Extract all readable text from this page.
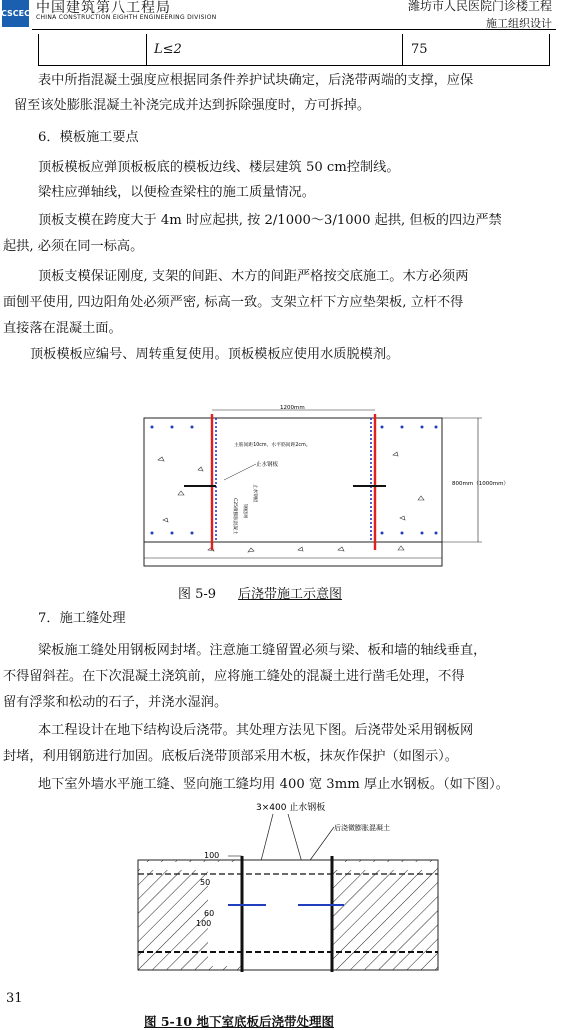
CSCEC 中国建筑第八工程局
CHINA CONSTRUCTION EIGHTH ENGINEERING DIVISION
潍坊市人民医院门诊楼工程
施工组织设计
L≤2	75
表中所指混凝土强度应根据同条件养护试块确定，后浇带两端的支撑，应保
留至该处膨胀混凝土补浇完成并达到拆除强度时，方可拆掉。
6．模板施工要点
顶板模板应弹顶板板底的模板边线、楼层建筑 50 cm控制线。
梁柱应弹轴线，以便检查梁柱的施工质量情况。
顶板支模在跨度大于 4m 时应起拱, 按 2/1000～3/1000 起拱, 但板的四边严禁
起拱, 必须在同一标高。
顶板支模保证刚度, 支架的间距、木方的间距严格按交底施工。木方必须两
面刨平使用, 四边阳角处必须严密, 标高一致。支架立杆下方应垫架板, 立杆不得
直接落在混凝土面。
顶板模板应编号、周转重复使用。顶板模板应使用水质脱模剂。
1200mm
800mm（1000mm）
主筋间距10cm，水平筋间距2cm。
止水钢板
C25微膨胀混凝土	钢板网
止水钢板
图 5-9 后浇带施工示意图
7．施工缝处理
梁板施工缝处用钢板网封堵。注意施工缝留置必须与梁、板和墙的轴线垂直，
不得留斜茬。在下次混凝土浇筑前，应将施工缝处的混凝土进行凿毛处理，不得
留有浮浆和松动的石子，并浇水湿润。
本工程设计在地下结构设后浇带。其处理方法见下图。后浇带处采用钢板网
封堵，利用钢筋进行加固。底板后浇带顶部采用木板，抹灰作保护（如图示）。
地下室外墙水平施工缝、竖向施工缝均用 400 宽 3mm 厚止水钢板。（如下图）。
3×400 止水钢板
后浇微膨胀混凝土
100
50
60
100
31
图 5-10 地下室底板后浇带处理图
